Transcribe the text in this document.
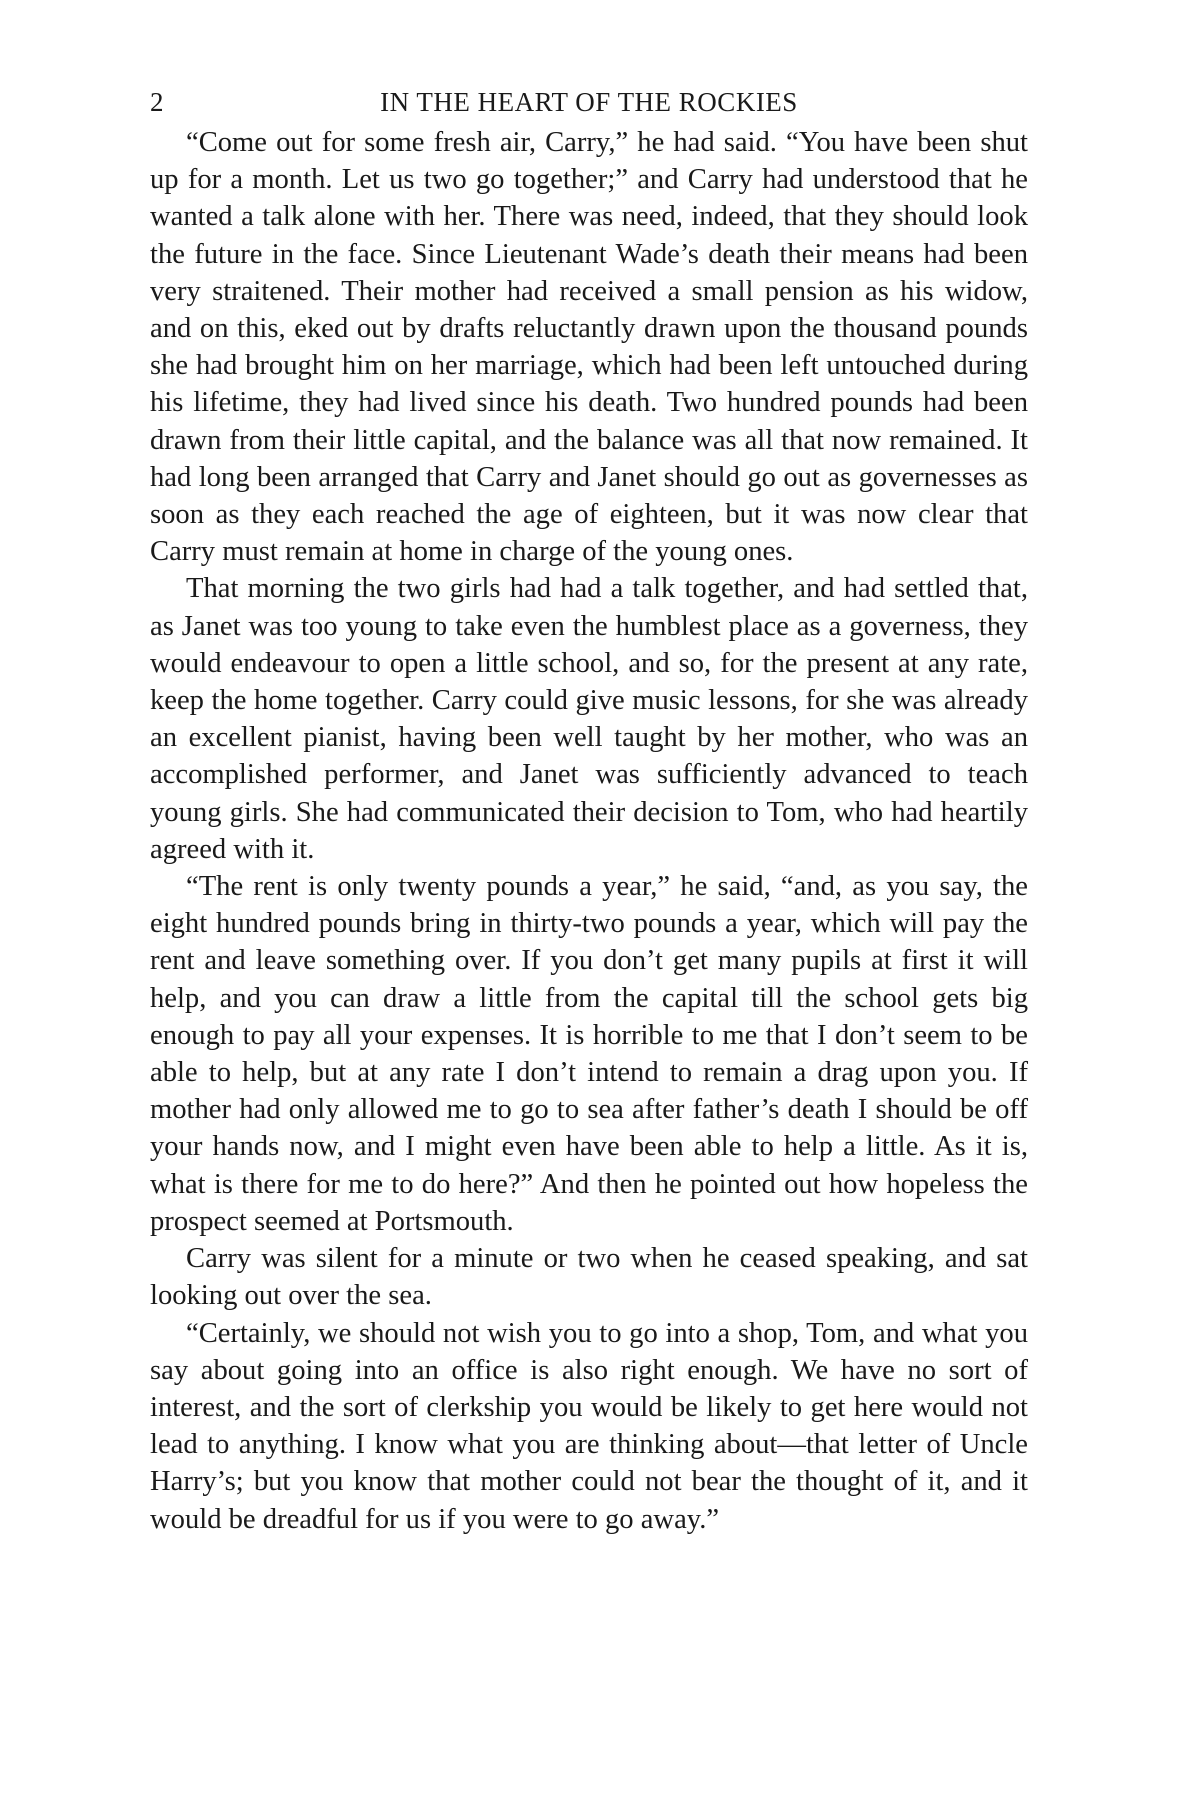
2	IN THE HEART OF THE ROCKIES

“Come out for some fresh air, Carry,” he had said. “You have been shut up for a month. Let us two go together;” and Carry had understood that he wanted a talk alone with her. There was need, indeed, that they should look the future in the face. Since Lieutenant Wade’s death their means had been very straitened. Their mother had received a small pension as his widow, and on this, eked out by drafts reluctantly drawn upon the thousand pounds she had brought him on her marriage, which had been left untouched during his lifetime, they had lived since his death. Two hundred pounds had been drawn from their little capital, and the balance was all that now remained. It had long been arranged that Carry and Janet should go out as governesses as soon as they each reached the age of eighteen, but it was now clear that Carry must remain at home in charge of the young ones.

That morning the two girls had had a talk together, and had settled that, as Janet was too young to take even the humblest place as a governess, they would endeavour to open a little school, and so, for the present at any rate, keep the home together. Carry could give music lessons, for she was already an excellent pianist, having been well taught by her mother, who was an accomplished performer, and Janet was sufficiently advanced to teach young girls. She had communicated their decision to Tom, who had heartily agreed with it.

“The rent is only twenty pounds a year,” he said, “and, as you say, the eight hundred pounds bring in thirty-two pounds a year, which will pay the rent and leave something over. If you don’t get many pupils at first it will help, and you can draw a little from the capital till the school gets big enough to pay all your expenses. It is horrible to me that I don’t seem to be able to help, but at any rate I don’t intend to remain a drag upon you. If mother had only allowed me to go to sea after father’s death I should be off your hands now, and I might even have been able to help a little. As it is, what is there for me to do here?” And then he pointed out how hopeless the prospect seemed at Portsmouth.

Carry was silent for a minute or two when he ceased speaking, and sat looking out over the sea.

“Certainly, we should not wish you to go into a shop, Tom, and what you say about going into an office is also right enough. We have no sort of interest, and the sort of clerkship you would be likely to get here would not lead to anything. I know what you are thinking about—that letter of Uncle Harry’s; but you know that mother could not bear the thought of it, and it would be dreadful for us if you were to go away.”
